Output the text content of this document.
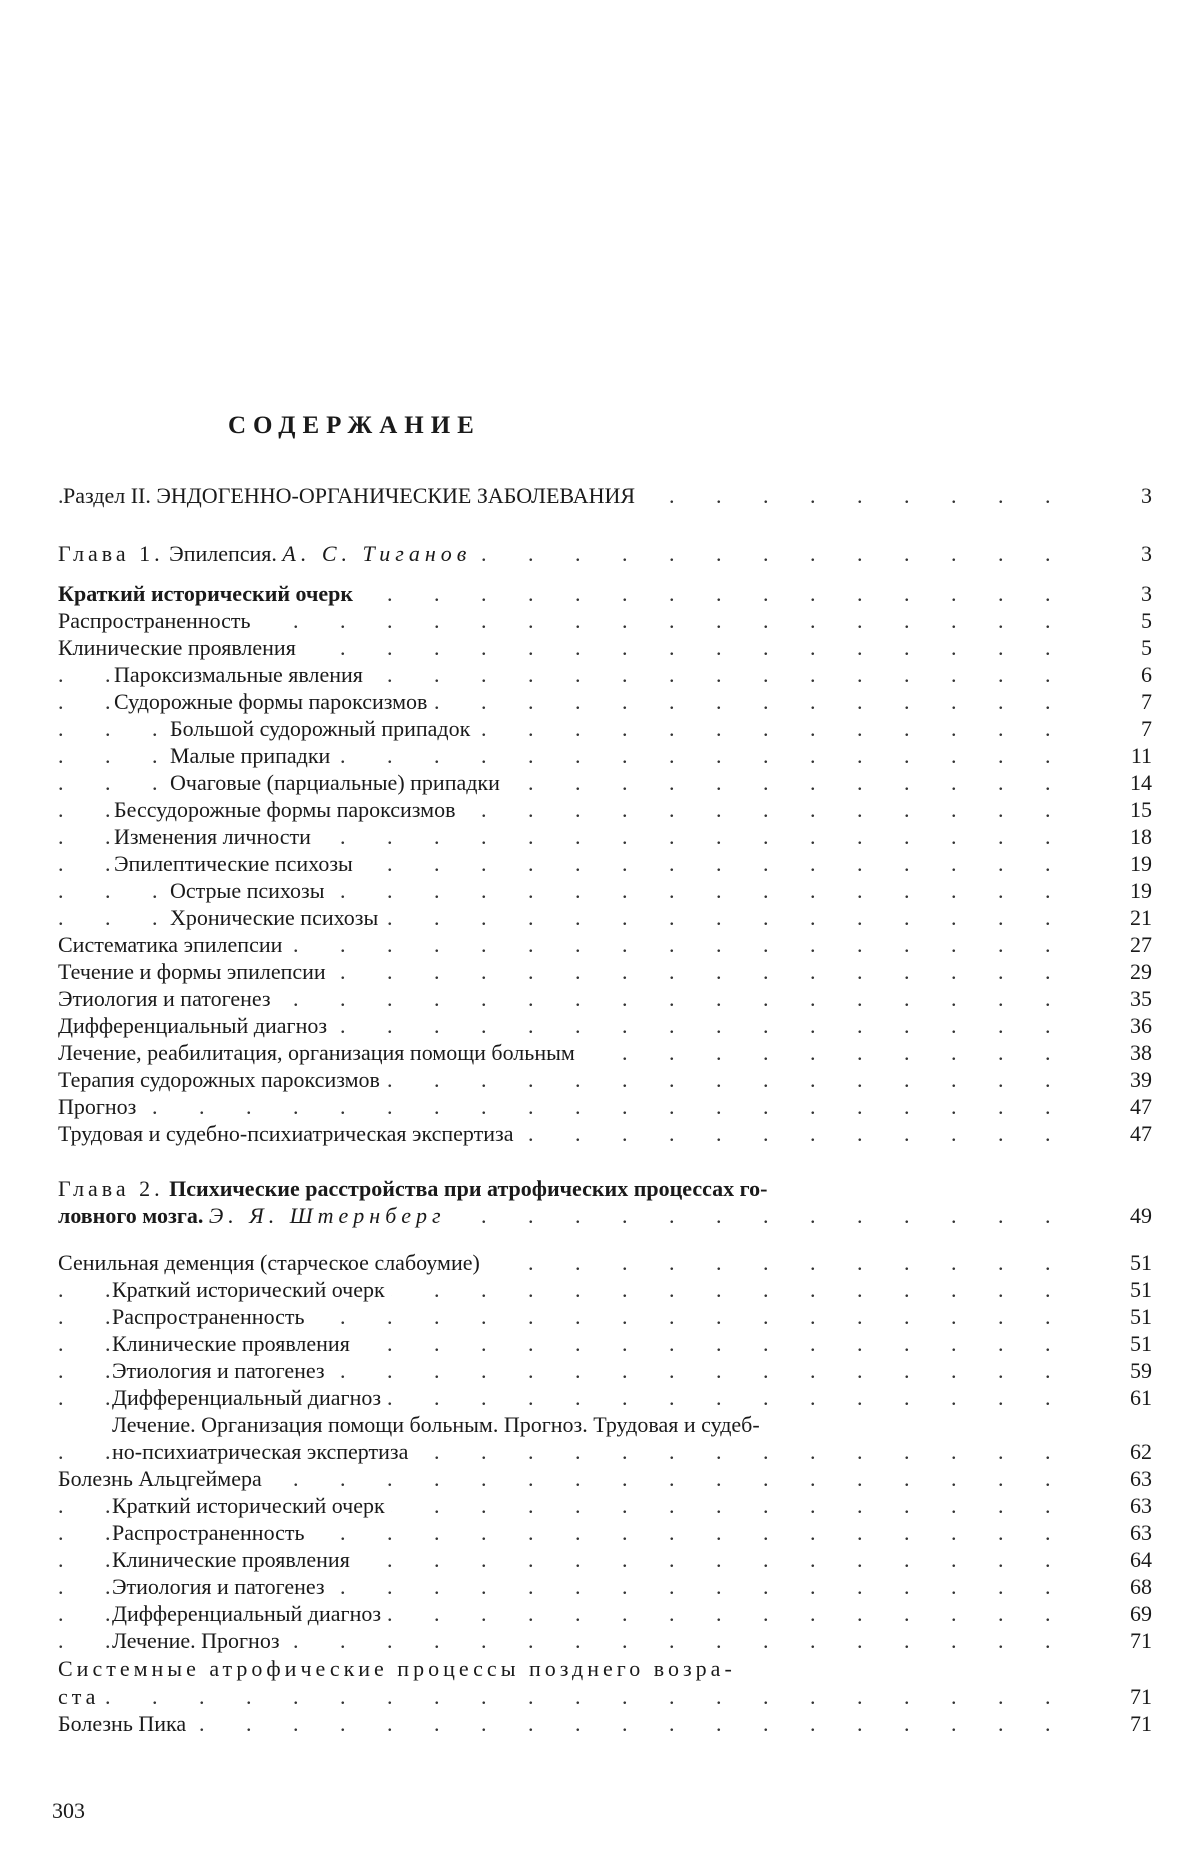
СОДЕРЖАНИЕ
Раздел II. ЭНДОГЕННО-ОРГАНИЧЕСКИЕ ЗАБОЛЕВАНИЯ . . .	3
Глава 1. Эпилепсия. А. С. Тиганов . . .	3
Краткий исторический очерк . . .	3
Распространенность . . .	5
Клинические проявления . . .	5
Пароксизмальные явления . . .	6
Судорожные формы пароксизмов . . .	7
Большой судорожный припадок . . .	7
Малые припадки . . .	11
Очаговые (парциальные) припадки . . .	14
Бессудорожные формы пароксизмов . . .	15
Изменения личности . . .	18
Эпилептические психозы . . .	19
Острые психозы . . .	19
Хронические психозы . . .	21
Систематика эпилепсии . . .	27
Течение и формы эпилепсии . . .	29
Этиология и патогенез . . .	35
Дифференциальный диагноз . . .	36
Лечение, реабилитация, организация помощи больным . . .	38
Терапия судорожных пароксизмов . . .	39
Прогноз . . .	47
Трудовая и судебно-психиатрическая экспертиза . . .	47
Глава 2. Психические расстройства при атрофических процессах го-
ловного мозга. Э. Я. Штернберг . . .	49
Сенильная деменция (старческое слабоумие) . . .	51
Краткий исторический очерк . . .	51
Распространенность . . .	51
Клинические проявления . . .	51
Этиология и патогенез . . .	59
Дифференциальный диагноз . . .	61
Лечение. Организация помощи больным. Прогноз. Трудовая и судеб-
но-психиатрическая экспертиза . . .	62
Болезнь Альцгеймера . . .	63
Краткий исторический очерк . . .	63
Распространенность . . .	63
Клинические проявления . . .	64
Этиология и патогенез . . .	68
Дифференциальный диагноз . . .	69
Лечение. Прогноз . . .	71
Системные атрофические процессы позднего возра-
ста . . .	71
Болезнь Пика . . .	71
303
